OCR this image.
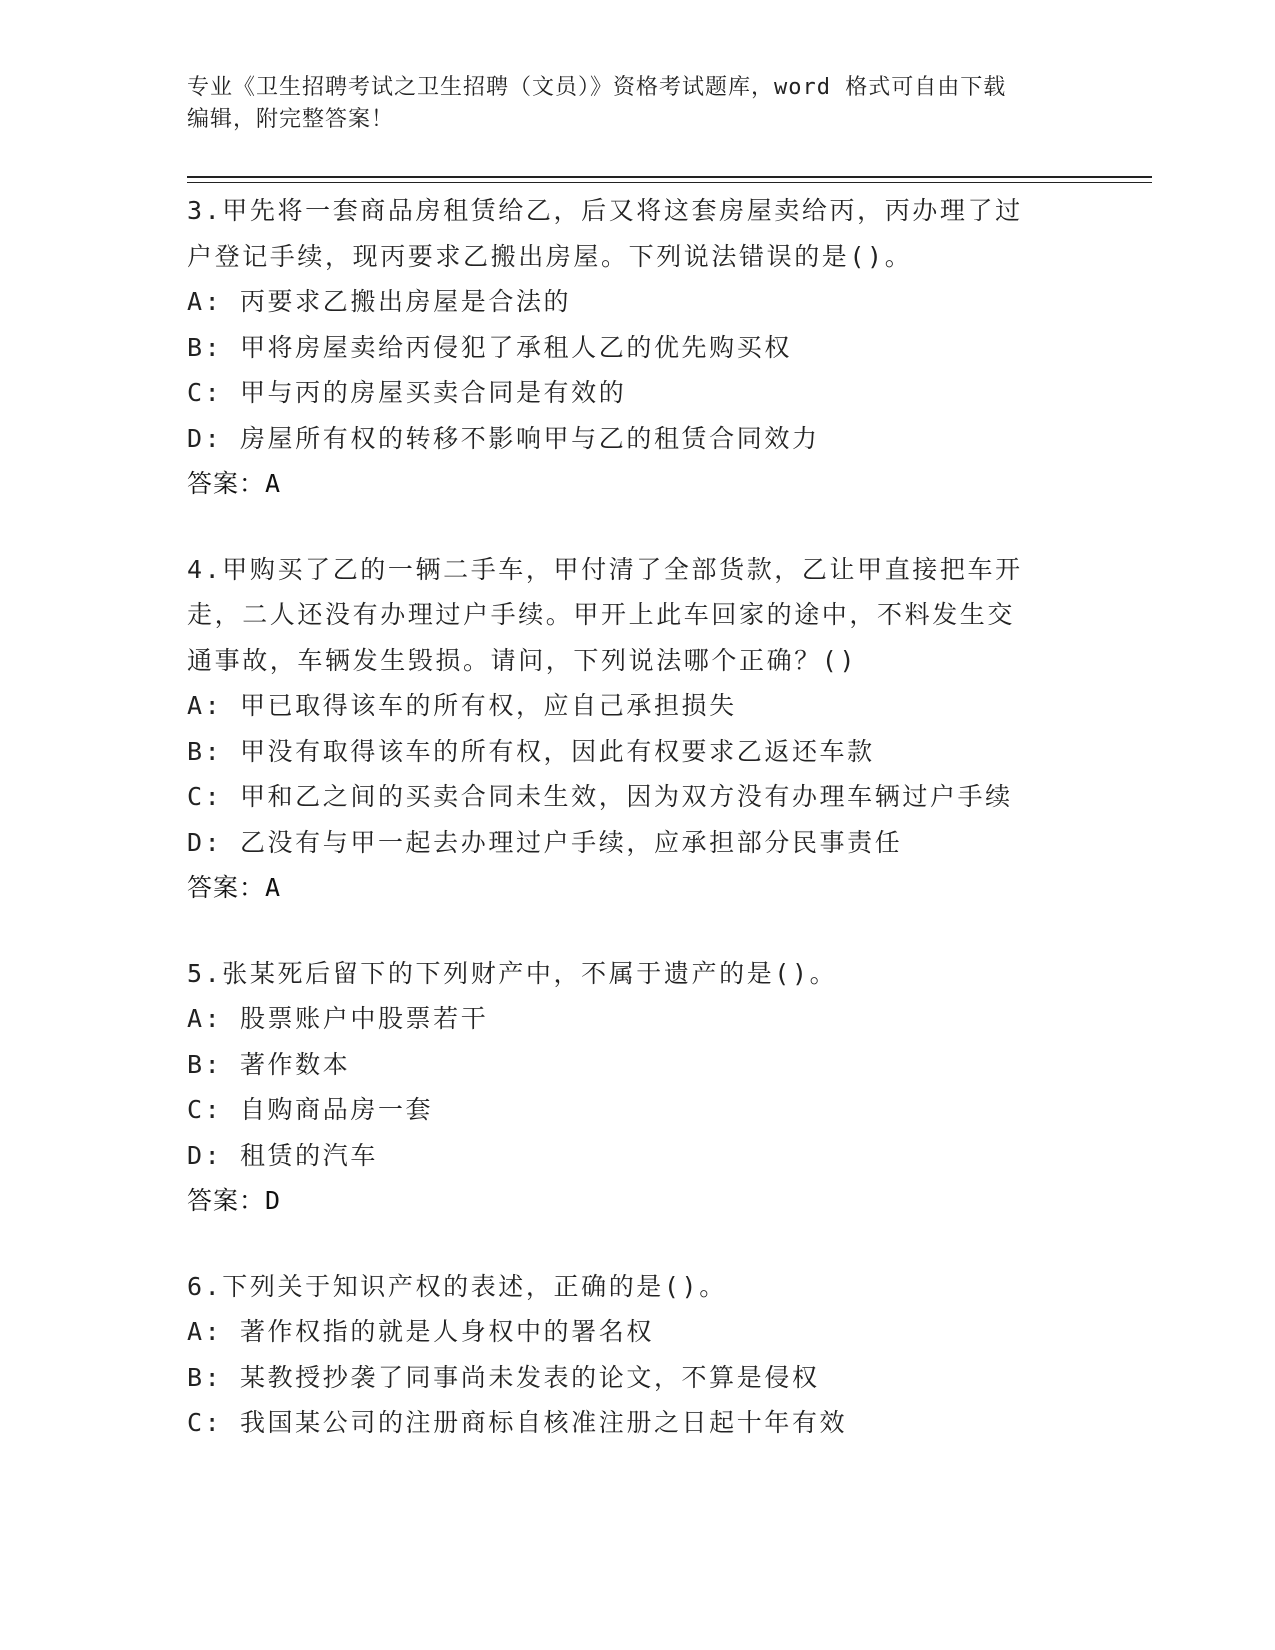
专业《卫生招聘考试之卫生招聘（文员）》资格考试题库，word 格式可自由下载
编辑，附完整答案！
3.甲先将一套商品房租赁给乙，后又将这套房屋卖给丙，丙办理了过
户登记手续，现丙要求乙搬出房屋。下列说法错误的是()。
A: 丙要求乙搬出房屋是合法的
B: 甲将房屋卖给丙侵犯了承租人乙的优先购买权
C: 甲与丙的房屋买卖合同是有效的
D: 房屋所有权的转移不影响甲与乙的租赁合同效力
答案：A
4.甲购买了乙的一辆二手车，甲付清了全部货款，乙让甲直接把车开
走，二人还没有办理过户手续。甲开上此车回家的途中，不料发生交
通事故，车辆发生毁损。请问，下列说法哪个正确？()
A: 甲已取得该车的所有权，应自己承担损失
B: 甲没有取得该车的所有权，因此有权要求乙返还车款
C: 甲和乙之间的买卖合同未生效，因为双方没有办理车辆过户手续
D: 乙没有与甲一起去办理过户手续，应承担部分民事责任
答案：A
5.张某死后留下的下列财产中，不属于遗产的是()。
A: 股票账户中股票若干
B: 著作数本
C: 自购商品房一套
D: 租赁的汽车
答案：D
6.下列关于知识产权的表述，正确的是()。
A: 著作权指的就是人身权中的署名权
B: 某教授抄袭了同事尚未发表的论文，不算是侵权
C: 我国某公司的注册商标自核准注册之日起十年有效
